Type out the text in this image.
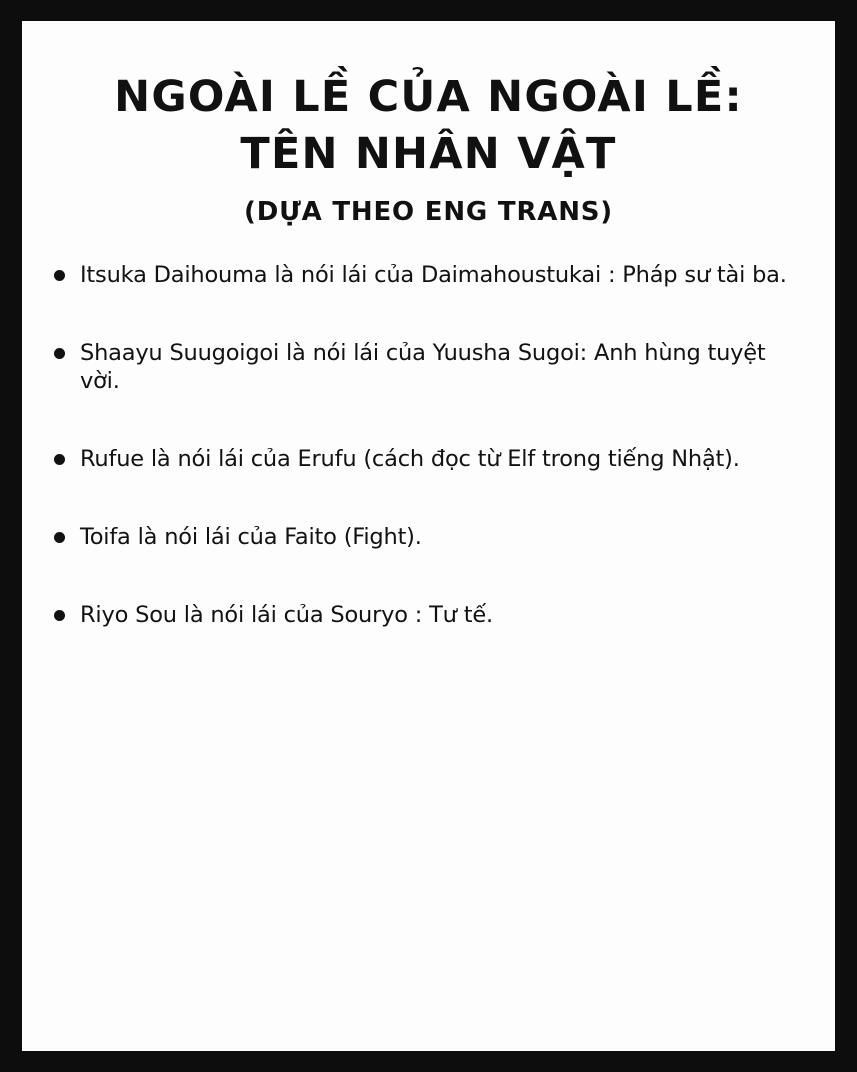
NGOÀI LỀ CỦA NGOÀI LỀ:
TÊN NHÂN VẬT
(DỰA THEO ENG TRANS)
Itsuka Daihouma là nói lái của Daimahoustukai : Pháp sư tài ba.
Shaayu Suugoigoi là nói lái của Yuusha Sugoi: Anh hùng tuyệt vời.
Rufue là nói lái của Erufu (cách đọc từ Elf trong tiếng Nhật).
Toifa là nói lái của Faito (Fight).
Riyo Sou là nói lái của Souryo : Tư tế.
